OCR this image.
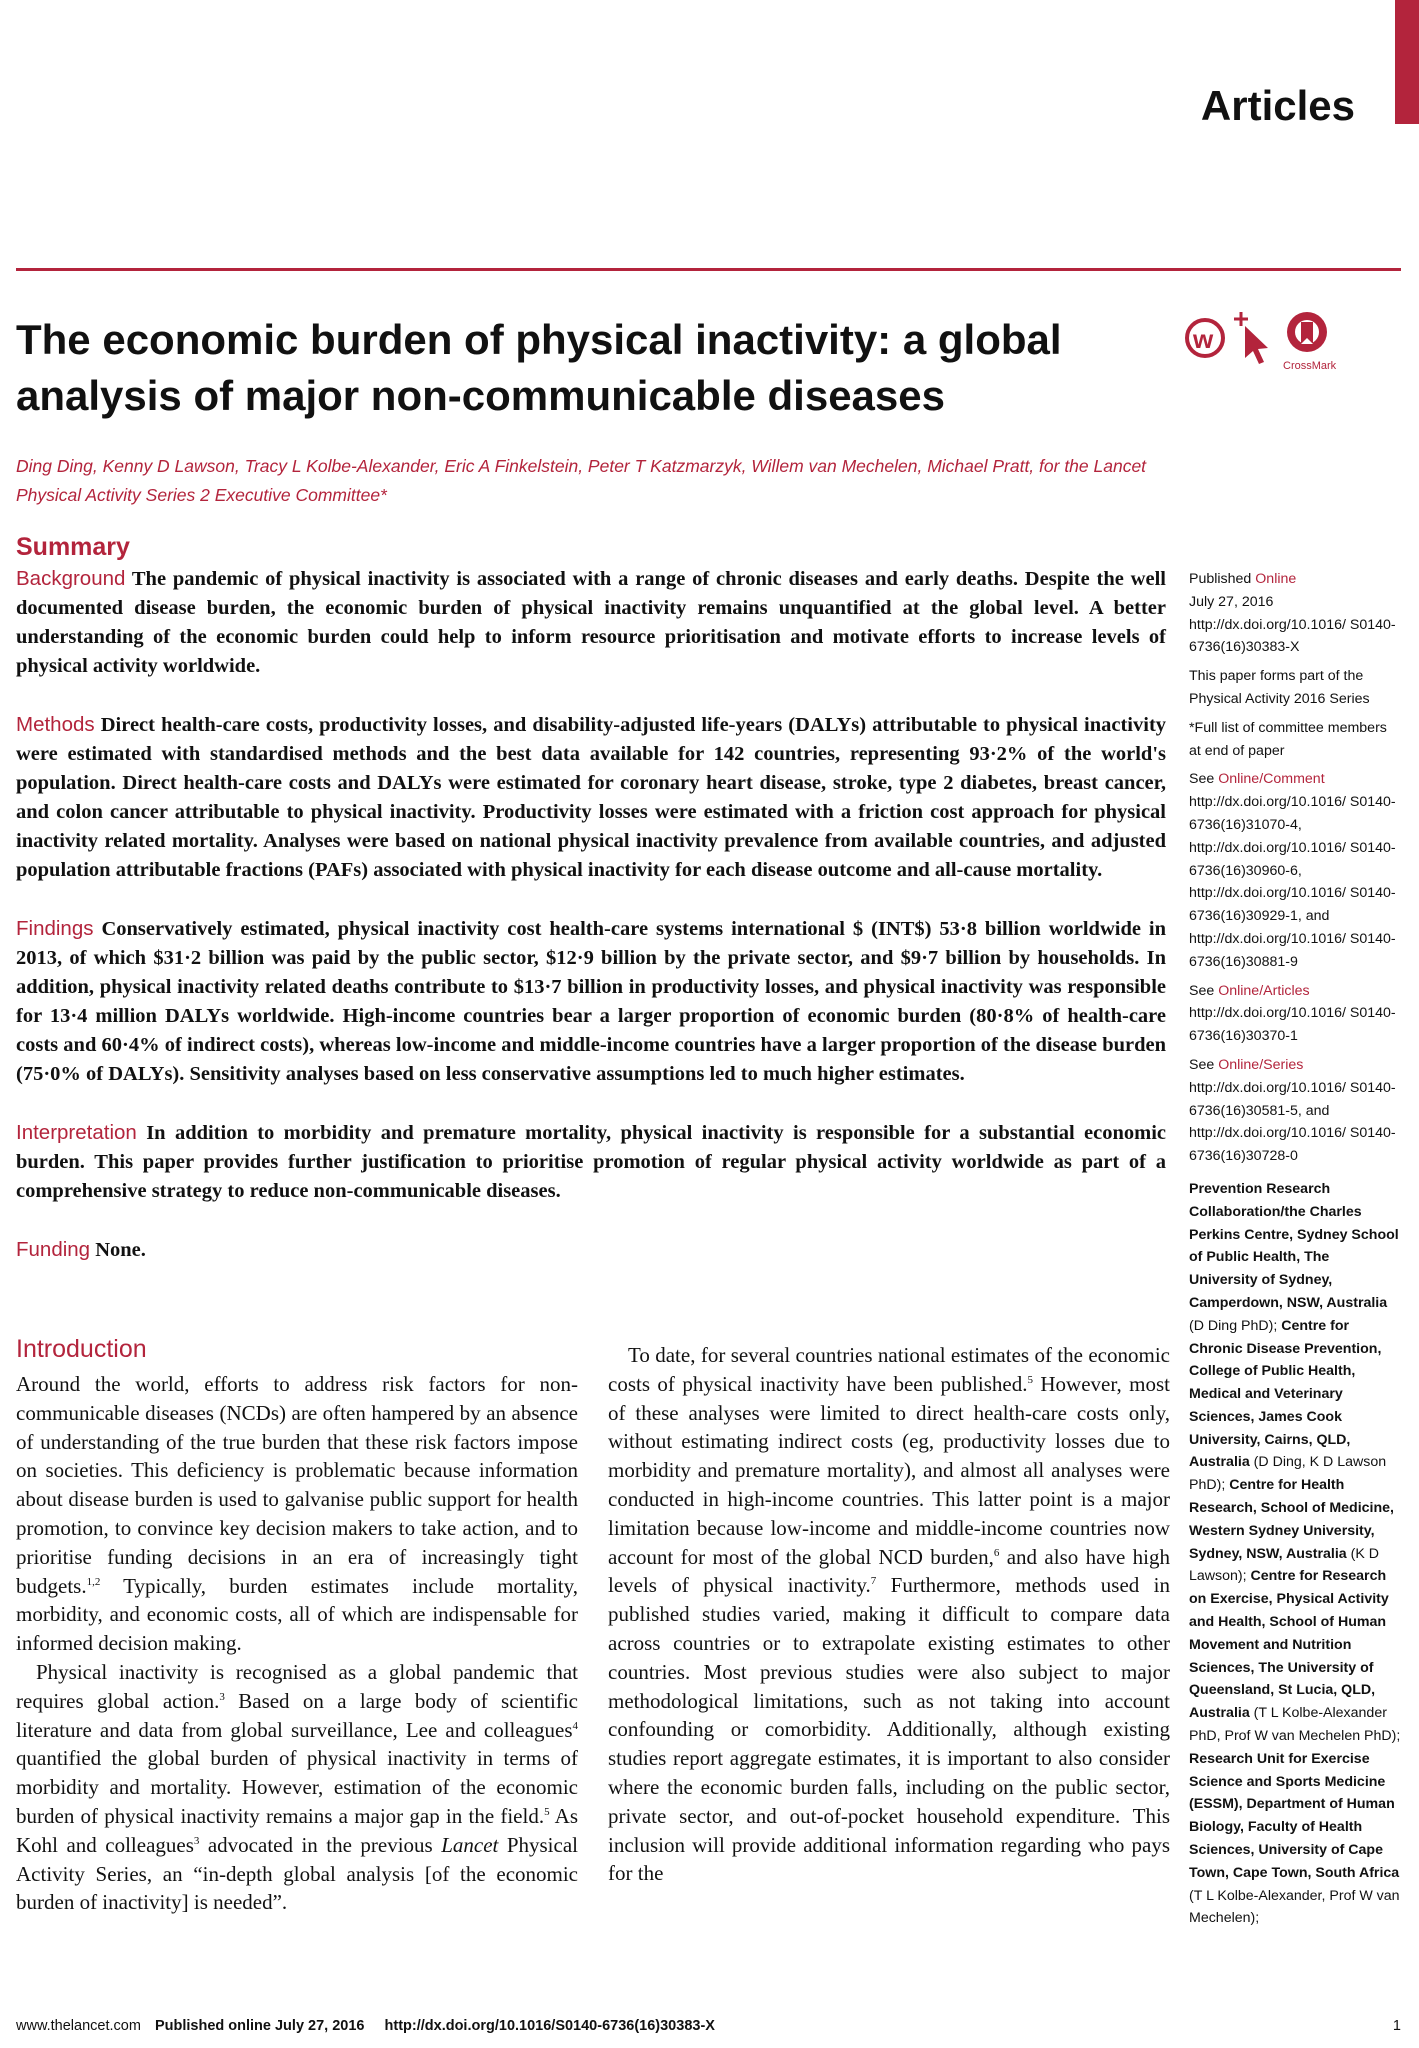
Articles
The economic burden of physical inactivity: a global analysis of major non-communicable diseases
w
CrossMark
Ding Ding, Kenny D Lawson, Tracy L Kolbe-Alexander, Eric A Finkelstein, Peter T Katzmarzyk, Willem van Mechelen, Michael Pratt, for the Lancet Physical Activity Series 2 Executive Committee*
Summary

Background The pandemic of physical inactivity is associated with a range of chronic diseases and early deaths. Despite the well documented disease burden, the economic burden of physical inactivity remains unquantified at the global level. A better understanding of the economic burden could help to inform resource prioritisation and motivate efforts to increase levels of physical activity worldwide.

Methods Direct health-care costs, productivity losses, and disability-adjusted life-years (DALYs) attributable to physical inactivity were estimated with standardised methods and the best data available for 142 countries, representing 93·2% of the world's population. Direct health-care costs and DALYs were estimated for coronary heart disease, stroke, type 2 diabetes, breast cancer, and colon cancer attributable to physical inactivity. Productivity losses were estimated with a friction cost approach for physical inactivity related mortality. Analyses were based on national physical inactivity prevalence from available countries, and adjusted population attributable fractions (PAFs) associated with physical inactivity for each disease outcome and all-cause mortality.

Findings Conservatively estimated, physical inactivity cost health-care systems international $ (INT$) 53·8 billion worldwide in 2013, of which $31·2 billion was paid by the public sector, $12·9 billion by the private sector, and $9·7 billion by households. In addition, physical inactivity related deaths contribute to $13·7 billion in productivity losses, and physical inactivity was responsible for 13·4 million DALYs worldwide. High-income countries bear a larger proportion of economic burden (80·8% of health-care costs and 60·4% of indirect costs), whereas low-income and middle-income countries have a larger proportion of the disease burden (75·0% of DALYs). Sensitivity analyses based on less conservative assumptions led to much higher estimates.

Interpretation In addition to morbidity and premature mortality, physical inactivity is responsible for a substantial economic burden. This paper provides further justification to prioritise promotion of regular physical activity worldwide as part of a comprehensive strategy to reduce non-communicable diseases.

Funding None.

Introduction

Around the world, efforts to address risk factors for non-communicable diseases (NCDs) are often hampered by an absence of understanding of the true burden that these risk factors impose on societies. This deficiency is problematic because information about disease burden is used to galvanise public support for health promotion, to convince key decision makers to take action, and to prioritise funding decisions in an era of increasingly tight budgets.$^{1,2}$ Typically, burden estimates include mortality, morbidity, and economic costs, all of which are indispensable for informed decision making.

Physical inactivity is recognised as a global pandemic that requires global action.$^3$ Based on a large body of scientific literature and data from global surveillance, Lee and colleagues$^4$ quantified the global burden of physical inactivity in terms of morbidity and mortality. However, estimation of the economic burden of physical inactivity remains a major gap in the field.$^5$ As Kohl and colleagues$^3$ advocated in the previous Lancet Physical Activity Series, an “in-depth global analysis [of the economic burden of inactivity] is needed”.

To date, for several countries national estimates of the economic costs of physical inactivity have been published.$^5$ However, most of these analyses were limited to direct health-care costs only, without estimating indirect costs (eg, productivity losses due to morbidity and premature mortality), and almost all analyses were conducted in high-income countries. This latter point is a major limitation because low-income and middle-income countries now account for most of the global NCD burden,$^6$ and also have high levels of physical inactivity.$^7$ Furthermore, methods used in published studies varied, making it difficult to compare data across countries or to extrapolate existing estimates to other countries. Most previous studies were also subject to major methodological limitations, such as not taking into account confounding or comorbidity. Additionally, although existing studies report aggregate estimates, it is important to also consider where the economic burden falls, including on the public sector, private sector, and out-of-pocket household expenditure. This inclusion will provide additional information regarding who pays for the

Published Online
July 27, 2016
http://dx.doi.org/10.1016/ S0140-6736(16)30383-X
This paper forms part of the Physical Activity 2016 Series
*Full list of committee members at end of paper
See Online/Comment
http://dx.doi.org/10.1016/ S0140-6736(16)31070-4, http://dx.doi.org/10.1016/ S0140-6736(16)30960-6, http://dx.doi.org/10.1016/ S0140-6736(16)30929-1, and http://dx.doi.org/10.1016/ S0140-6736(16)30881-9
See Online/Articles
http://dx.doi.org/10.1016/ S0140-6736(16)30370-1
See Online/Series
http://dx.doi.org/10.1016/ S0140-6736(16)30581-5, and http://dx.doi.org/10.1016/ S0140-6736(16)30728-0
Prevention Research Collaboration/the Charles Perkins Centre, Sydney School of Public Health, The University of Sydney, Camperdown, NSW, Australia (D Ding PhD); Centre for Chronic Disease Prevention, College of Public Health, Medical and Veterinary Sciences, James Cook University, Cairns, QLD, Australia (D Ding, K D Lawson PhD); Centre for Health Research, School of Medicine, Western Sydney University, Sydney, NSW, Australia (K D Lawson); Centre for Research on Exercise, Physical Activity and Health, School of Human Movement and Nutrition Sciences, The University of Queensland, St Lucia, QLD, Australia (T L Kolbe-Alexander PhD, Prof W van Mechelen PhD); Research Unit for Exercise Science and Sports Medicine (ESSM), Department of Human Biology, Faculty of Health Sciences, University of Cape Town, Cape Town, South Africa (T L Kolbe-Alexander, Prof W van Mechelen);
www.thelancet.com Published online July 27, 2016 http://dx.doi.org/10.1016/S0140-6736(16)30383-X	1
